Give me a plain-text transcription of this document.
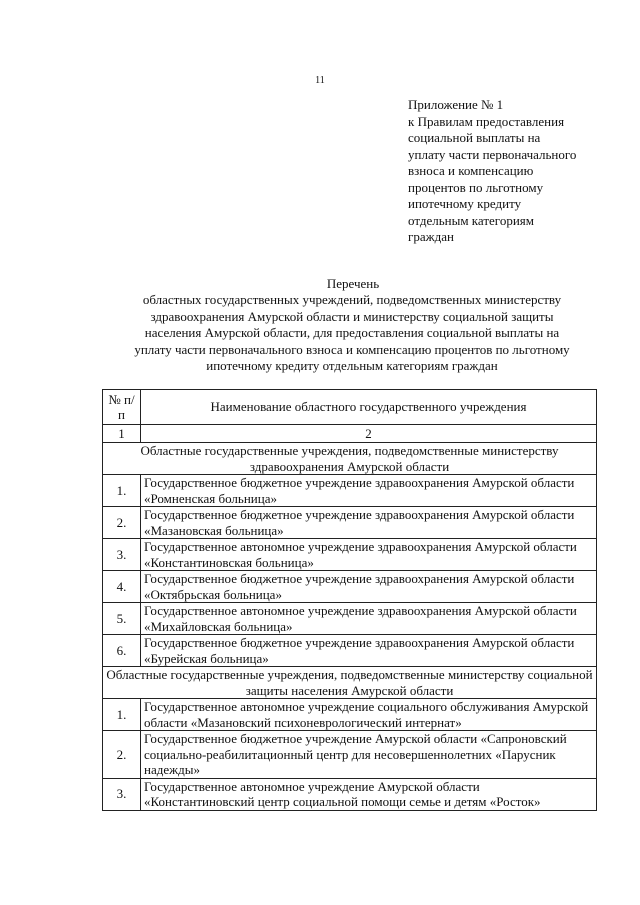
11
Приложение № 1
к Правилам предоставления
социальной выплаты на
уплату части первоначального
взноса и компенсацию
процентов по льготному
ипотечному кредиту
отдельным категориям
граждан
Перечень
областных государственных учреждений, подведомственных министерству
здравоохранения Амурской области и министерству социальной защиты
населения Амурской области, для предоставления социальной выплаты на
уплату части первоначального взноса и компенсацию процентов по льготному
ипотечному кредиту отдельным категориям граждан
№ п/п	Наименование областного государственного учреждения
1	2
Областные государственные учреждения, подведомственные министерству здравоохранения Амурской области	
1.	Государственное бюджетное учреждение здравоохранения Амурской области «Ромненская больница»
2.	Государственное бюджетное учреждение здравоохранения Амурской области «Мазановская больница»
3.	Государственное автономное учреждение здравоохранения Амурской области «Константиновская больница»
4.	Государственное бюджетное учреждение здравоохранения Амурской области «Октябрьская больница»
5.	Государственное автономное учреждение здравоохранения Амурской области «Михайловская больница»
6.	Государственное бюджетное учреждение здравоохранения Амурской области «Бурейская больница»
Областные государственные учреждения, подведомственные министерству социальной защиты населения Амурской области	
1.	Государственное автономное учреждение социального обслуживания Амурской области «Мазановский психоневрологический интернат»
2.	Государственное бюджетное учреждение Амурской области «Сапроновский социально-реабилитационный центр для несовершеннолетних «Парусник надежды»
3.	Государственное автономное учреждение Амурской области «Константиновский центр социальной помощи семье и детям «Росток»
